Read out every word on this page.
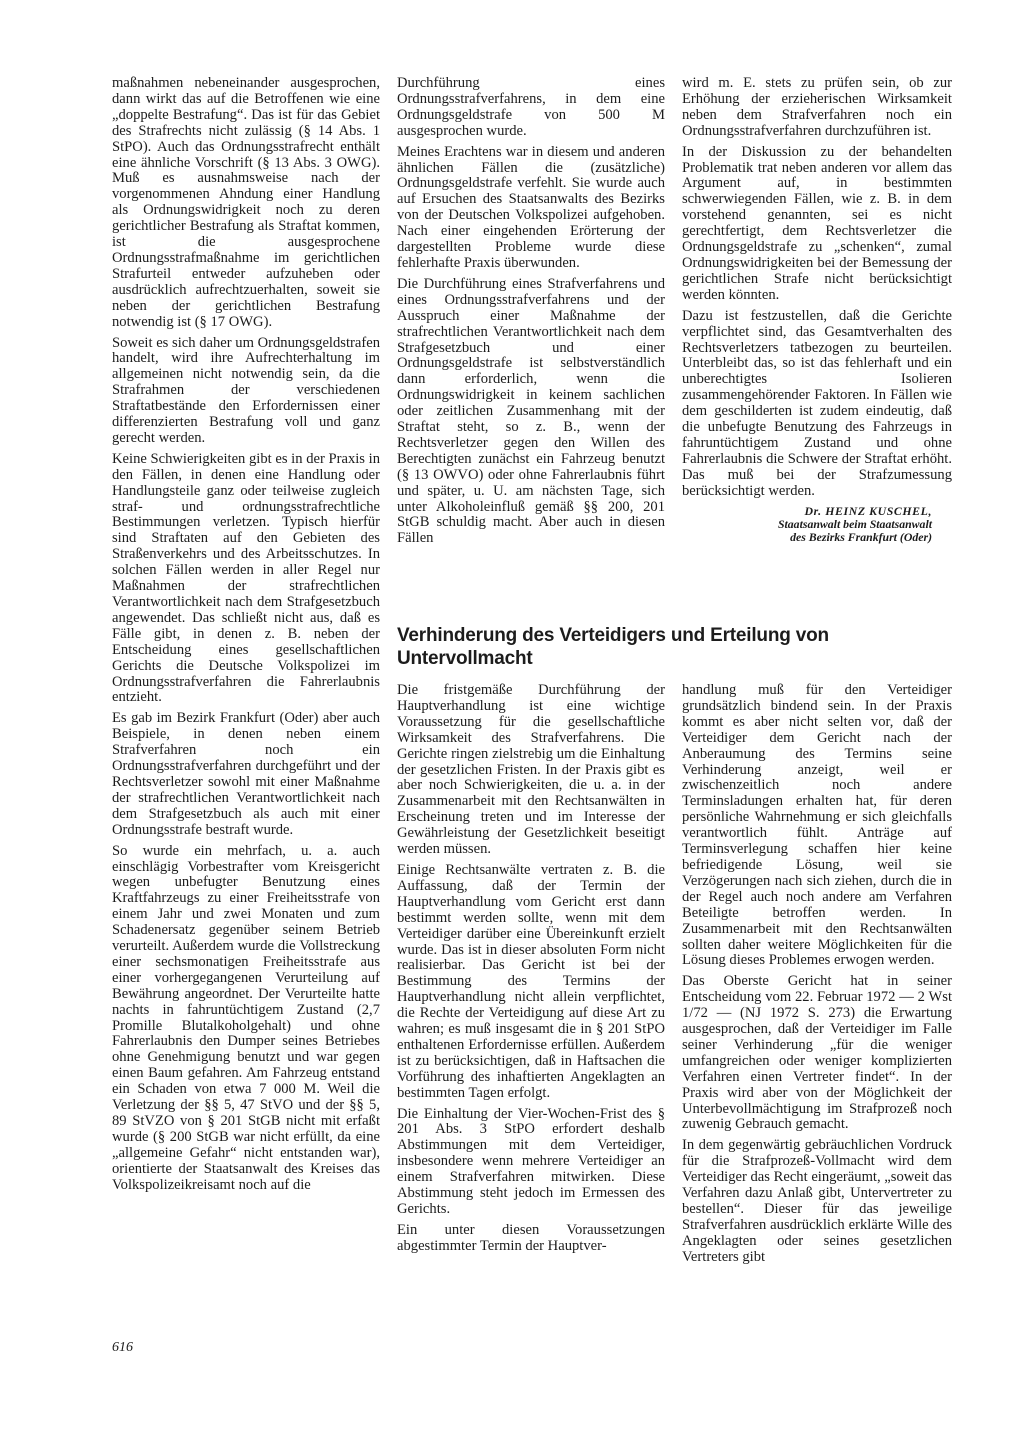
maßnahmen nebeneinander ausgesprochen, dann wirkt das auf die Betroffenen wie eine „doppelte Bestrafung“. Das ist für das Gebiet des Strafrechts nicht zulässig (§ 14 Abs. 1 StPO). Auch das Ordnungsstrafrecht enthält eine ähnliche Vorschrift (§ 13 Abs. 3 OWG). Muß es ausnahmsweise nach der vorgenommenen Ahndung einer Handlung als Ordnungswidrigkeit noch zu deren gerichtlicher Bestrafung als Straftat kommen, ist die ausgesprochene Ordnungsstrafmaßnahme im gerichtlichen Strafurteil entweder aufzuheben oder ausdrücklich aufrechtzuerhalten, soweit sie neben der gerichtlichen Bestrafung notwendig ist (§ 17 OWG).

Soweit es sich daher um Ordnungsgeldstrafen handelt, wird ihre Aufrechterhaltung im allgemeinen nicht notwendig sein, da die Strafrahmen der verschiedenen Straftatbestände den Erfordernissen einer differenzierten Bestrafung voll und ganz gerecht werden.

Keine Schwierigkeiten gibt es in der Praxis in den Fällen, in denen eine Handlung oder Handlungsteile ganz oder teilweise zugleich straf- und ordnungsstrafrechtliche Bestimmungen verletzen. Typisch hierfür sind Straftaten auf den Gebieten des Straßenverkehrs und des Arbeitsschutzes. In solchen Fällen werden in aller Regel nur Maßnahmen der strafrechtlichen Verantwortlichkeit nach dem Strafgesetzbuch angewendet. Das schließt nicht aus, daß es Fälle gibt, in denen z. B. neben der Entscheidung eines gesellschaftlichen Gerichts die Deutsche Volkspolizei im Ordnungsstrafverfahren die Fahrerlaubnis entzieht.

Es gab im Bezirk Frankfurt (Oder) aber auch Beispiele, in denen neben einem Strafverfahren noch ein Ordnungsstrafverfahren durchgeführt und der Rechtsverletzer sowohl mit einer Maßnahme der strafrechtlichen Verantwortlichkeit nach dem Strafgesetzbuch als auch mit einer Ordnungsstrafe bestraft wurde.

So wurde ein mehrfach, u. a. auch einschlägig Vorbestrafter vom Kreisgericht wegen unbefugter Benutzung eines Kraftfahrzeugs zu einer Freiheitsstrafe von einem Jahr und zwei Monaten und zum Schadenersatz gegenüber seinem Betrieb verurteilt. Außerdem wurde die Vollstreckung einer sechsmonatigen Freiheitsstrafe aus einer vorhergegangenen Verurteilung auf Bewährung angeordnet. Der Verurteilte hatte nachts in fahruntüchtigem Zustand (2,7 Promille Blutalkoholgehalt) und ohne Fahrerlaubnis den Dumper seines Betriebes ohne Genehmigung benutzt und war gegen einen Baum gefahren. Am Fahrzeug entstand ein Schaden von etwa 7 000 M. Weil die Verletzung der §§ 5, 47 StVO und der §§ 5, 89 StVZO von § 201 StGB nicht mit erfaßt wurde (§ 200 StGB war nicht erfüllt, da eine „allgemeine Gefahr“ nicht entstanden war), orientierte der Staatsanwalt des Kreises das Volkspolizeikreisamt noch auf die

Durchführung eines Ordnungsstrafverfahrens, in dem eine Ordnungsgeldstrafe von 500 M ausgesprochen wurde.

Meines Erachtens war in diesem und anderen ähnlichen Fällen die (zusätzliche) Ordnungsgeldstrafe verfehlt. Sie wurde auch auf Ersuchen des Staatsanwalts des Bezirks von der Deutschen Volkspolizei aufgehoben. Nach einer eingehenden Erörterung der dargestellten Probleme wurde diese fehlerhafte Praxis überwunden.

Die Durchführung eines Strafverfahrens und eines Ordnungsstrafverfahrens und der Ausspruch einer Maßnahme der strafrechtlichen Verantwortlichkeit nach dem Strafgesetzbuch und einer Ordnungsgeldstrafe ist selbstverständlich dann erforderlich, wenn die Ordnungswidrigkeit in keinem sachlichen oder zeitlichen Zusammenhang mit der Straftat steht, so z. B., wenn der Rechtsverletzer gegen den Willen des Berechtigten zunächst ein Fahrzeug benutzt (§ 13 OWVO) oder ohne Fahrerlaubnis führt und später, u. U. am nächsten Tage, sich unter Alkoholeinfluß gemäß §§ 200, 201 StGB schuldig macht. Aber auch in diesen Fällen

wird m. E. stets zu prüfen sein, ob zur Erhöhung der erzieherischen Wirksamkeit neben dem Strafverfahren noch ein Ordnungsstrafverfahren durchzuführen ist.

In der Diskussion zu der behandelten Problematik trat neben anderen vor allem das Argument auf, in bestimmten schwerwiegenden Fällen, wie z. B. in dem vorstehend genannten, sei es nicht gerechtfertigt, dem Rechtsverletzer die Ordnungsgeldstrafe zu „schenken“, zumal Ordnungswidrigkeiten bei der Bemessung der gerichtlichen Strafe nicht berücksichtigt werden könnten.

Dazu ist festzustellen, daß die Gerichte verpflichtet sind, das Gesamtverhalten des Rechtsverletzers tatbezogen zu beurteilen. Unterbleibt das, so ist das fehlerhaft und ein unberechtigtes Isolieren zusammengehörender Faktoren. In Fällen wie dem geschilderten ist zudem eindeutig, daß die unbefugte Benutzung des Fahrzeugs in fahruntüchtigem Zustand und ohne Fahrerlaubnis die Schwere der Straftat erhöht. Das muß bei der Strafzumessung berücksichtigt werden.

Dr. HEINZ KUSCHEL,
Staatsanwalt beim Staatsanwalt
des Bezirks Frankfurt (Oder)
Verhinderung des Verteidigers und Erteilung von Untervollmacht

Die fristgemäße Durchführung der Hauptverhandlung ist eine wichtige Voraussetzung für die gesellschaftliche Wirksamkeit des Strafverfahrens. Die Gerichte ringen zielstrebig um die Einhaltung der gesetzlichen Fristen. In der Praxis gibt es aber noch Schwierigkeiten, die u. a. in der Zusammenarbeit mit den Rechtsanwälten in Erscheinung treten und im Interesse der Gewährleistung der Gesetzlichkeit beseitigt werden müssen.

Einige Rechtsanwälte vertraten z. B. die Auffassung, daß der Termin der Hauptverhandlung vom Gericht erst dann bestimmt werden sollte, wenn mit dem Verteidiger darüber eine Übereinkunft erzielt wurde. Das ist in dieser absoluten Form nicht realisierbar. Das Gericht ist bei der Bestimmung des Termins der Hauptverhandlung nicht allein verpflichtet, die Rechte der Verteidigung auf diese Art zu wahren; es muß insgesamt die in § 201 StPO enthaltenen Erfordernisse erfüllen. Außerdem ist zu berücksichtigen, daß in Haftsachen die Vorführung des inhaftierten Angeklagten an bestimmten Tagen erfolgt.

Die Einhaltung der Vier-Wochen-Frist des § 201 Abs. 3 StPO erfordert deshalb Abstimmungen mit dem Verteidiger, insbesondere wenn mehrere Verteidiger an einem Strafverfahren mitwirken. Diese Abstimmung steht jedoch im Ermessen des Gerichts.

Ein unter diesen Voraussetzungen abgestimmter Termin der Hauptver-

handlung muß für den Verteidiger grundsätzlich bindend sein. In der Praxis kommt es aber nicht selten vor, daß der Verteidiger dem Gericht nach der Anberaumung des Termins seine Verhinderung anzeigt, weil er zwischenzeitlich noch andere Terminsladungen erhalten hat, für deren persönliche Wahrnehmung er sich gleichfalls verantwortlich fühlt. Anträge auf Terminsverlegung schaffen hier keine befriedigende Lösung, weil sie Verzögerungen nach sich ziehen, durch die in der Regel auch noch andere am Verfahren Beteiligte betroffen werden. In Zusammenarbeit mit den Rechtsanwälten sollten daher weitere Möglichkeiten für die Lösung dieses Problemes erwogen werden.

Das Oberste Gericht hat in seiner Entscheidung vom 22. Februar 1972 — 2 Wst 1/72 — (NJ 1972 S. 273) die Erwartung ausgesprochen, daß der Verteidiger im Falle seiner Verhinderung „für die weniger umfangreichen oder weniger komplizierten Verfahren einen Vertreter findet“. In der Praxis wird aber von der Möglichkeit der Unterbevollmächtigung im Strafprozeß noch zuwenig Gebrauch gemacht.

In dem gegenwärtig gebräuchlichen Vordruck für die Strafprozeß-Vollmacht wird dem Verteidiger das Recht eingeräumt, „soweit das Verfahren dazu Anlaß gibt, Untervertreter zu bestellen“. Dieser für das jeweilige Strafverfahren ausdrücklich erklärte Wille des Angeklagten oder seines gesetzlichen Vertreters gibt

616
